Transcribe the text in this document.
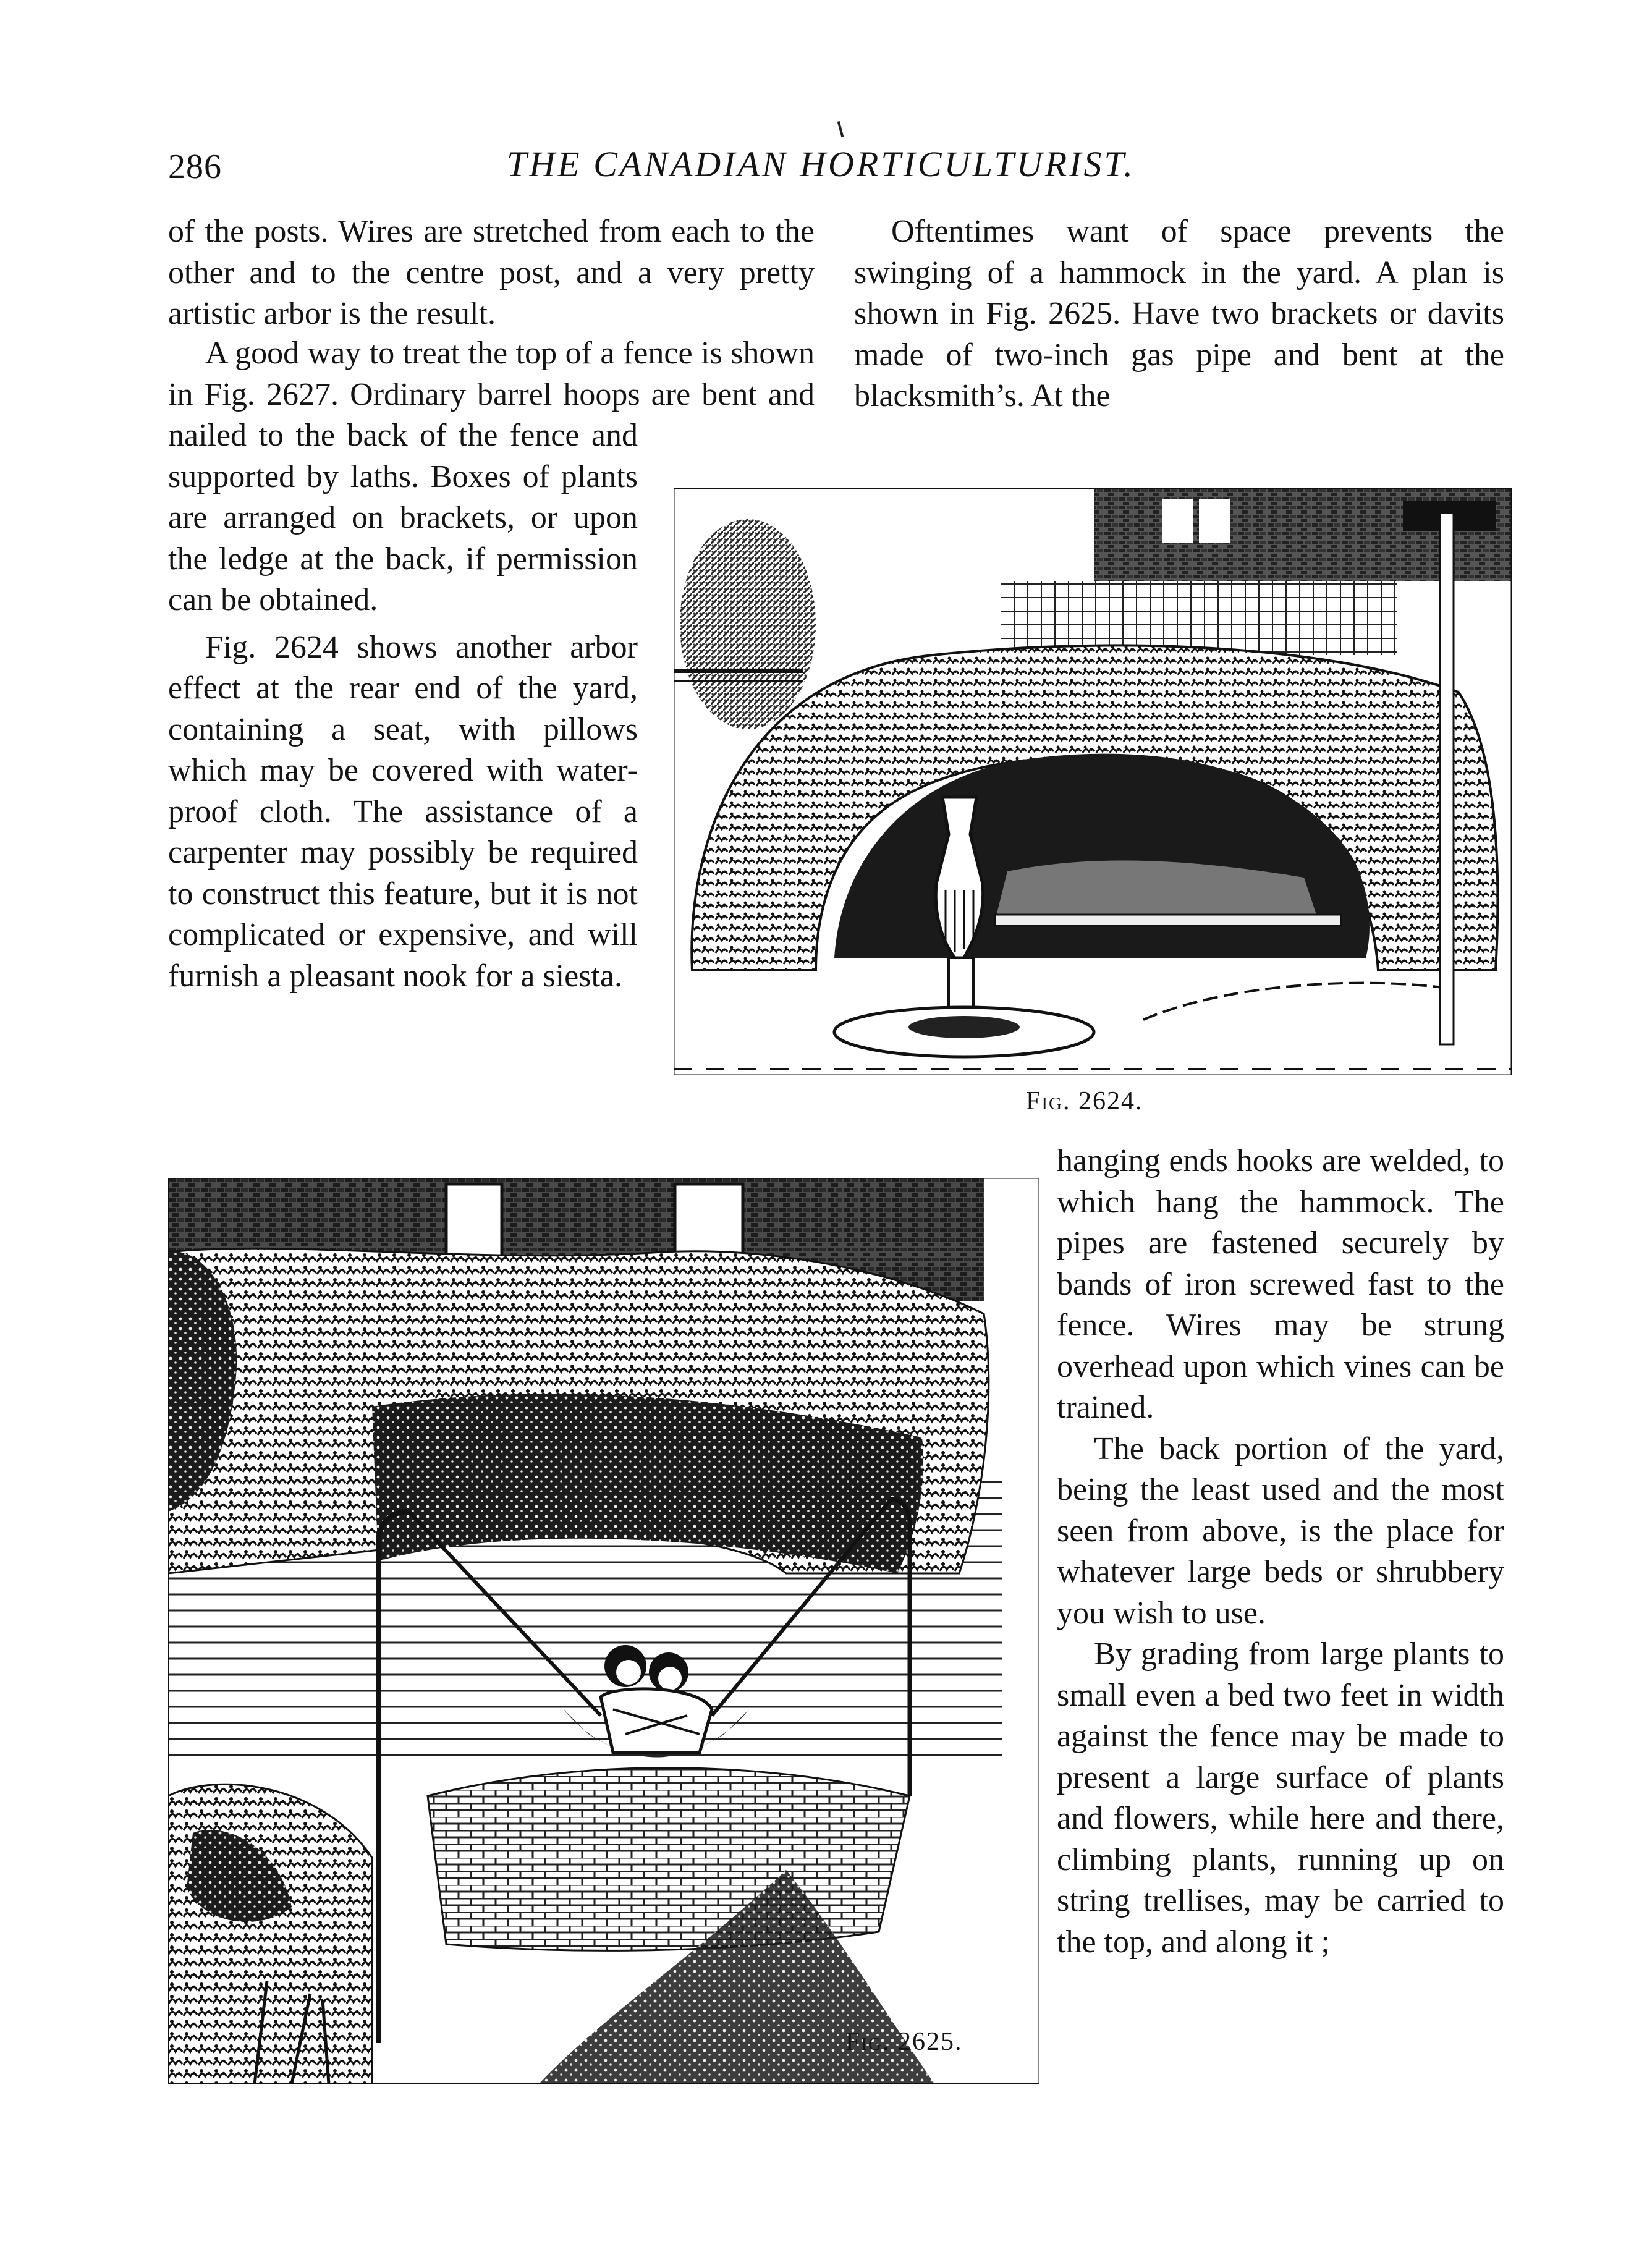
286	THE CANADIAN HORTICULTURIST.

of the posts. Wires are stretched from each to the other and to the centre post, and a very pretty artistic arbor is the result.

A good way to treat the top of a fence is shown in Fig. 2627. Ordinary barrel hoops are bent and

nailed to the back of the fence and supported by laths. Boxes of plants are arranged on brackets, or upon the ledge at the back, if permission can be obtained.

Fig. 2624 shows another arbor effect at the rear end of the yard, containing a seat, with pillows which may be covered with water-proof cloth. The assistance of a carpenter may possibly be required to construct this feature, but it is not complicated or expensive, and will furnish a pleasant nook for a siesta.

Oftentimes want of space prevents the swinging of a hammock in the yard. A plan is shown in Fig. 2625. Have two brackets or davits made of two-inch gas pipe and bent at the blacksmith’s. At the

Fig. 2624.
Fig. 2625.

hanging ends hooks are welded, to which hang the hammock. The pipes are fastened securely by bands of iron screwed fast to the fence. Wires may be strung overhead upon which vines can be trained.

The back portion of the yard, being the least used and the most seen from above, is the place for whatever large beds or shrubbery you wish to use.

By grading from large plants to small even a bed two feet in width against the fence may be made to present a large surface of plants and flowers, while here and there, climbing plants, running up on string trellises, may be carried to the top, and along it ;
